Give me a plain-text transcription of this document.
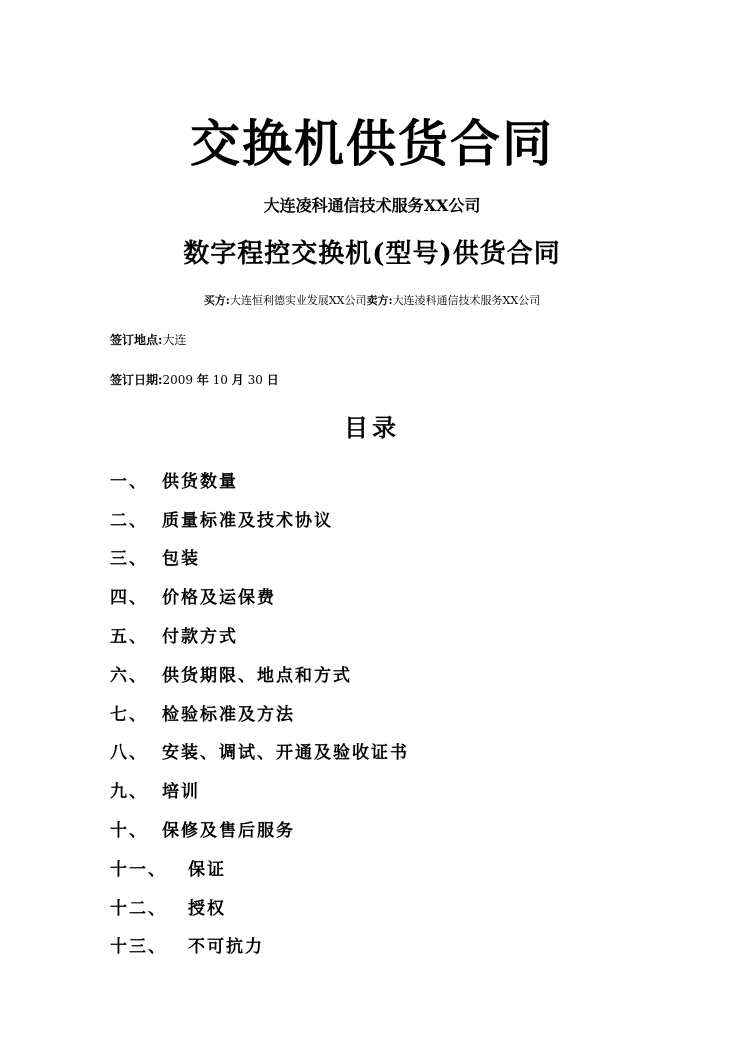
交换机供货合同
大连凌科通信技术服务XX公司
数字程控交换机(型号)供货合同
买方:大连恒利德实业发展XX公司卖方:大连凌科通信技术服务XX公司
签订地点:大连
签订日期:2009 年 10 月 30 日
目录
一、 供货数量
二、 质量标准及技术协议
三、 包装
四、 价格及运保费
五、 付款方式
六、 供货期限、地点和方式
七、 检验标准及方法
八、 安装、调试、开通及验收证书
九、 培训
十、 保修及售后服务
十一、	保证
十二、	授权
十三、	不可抗力
